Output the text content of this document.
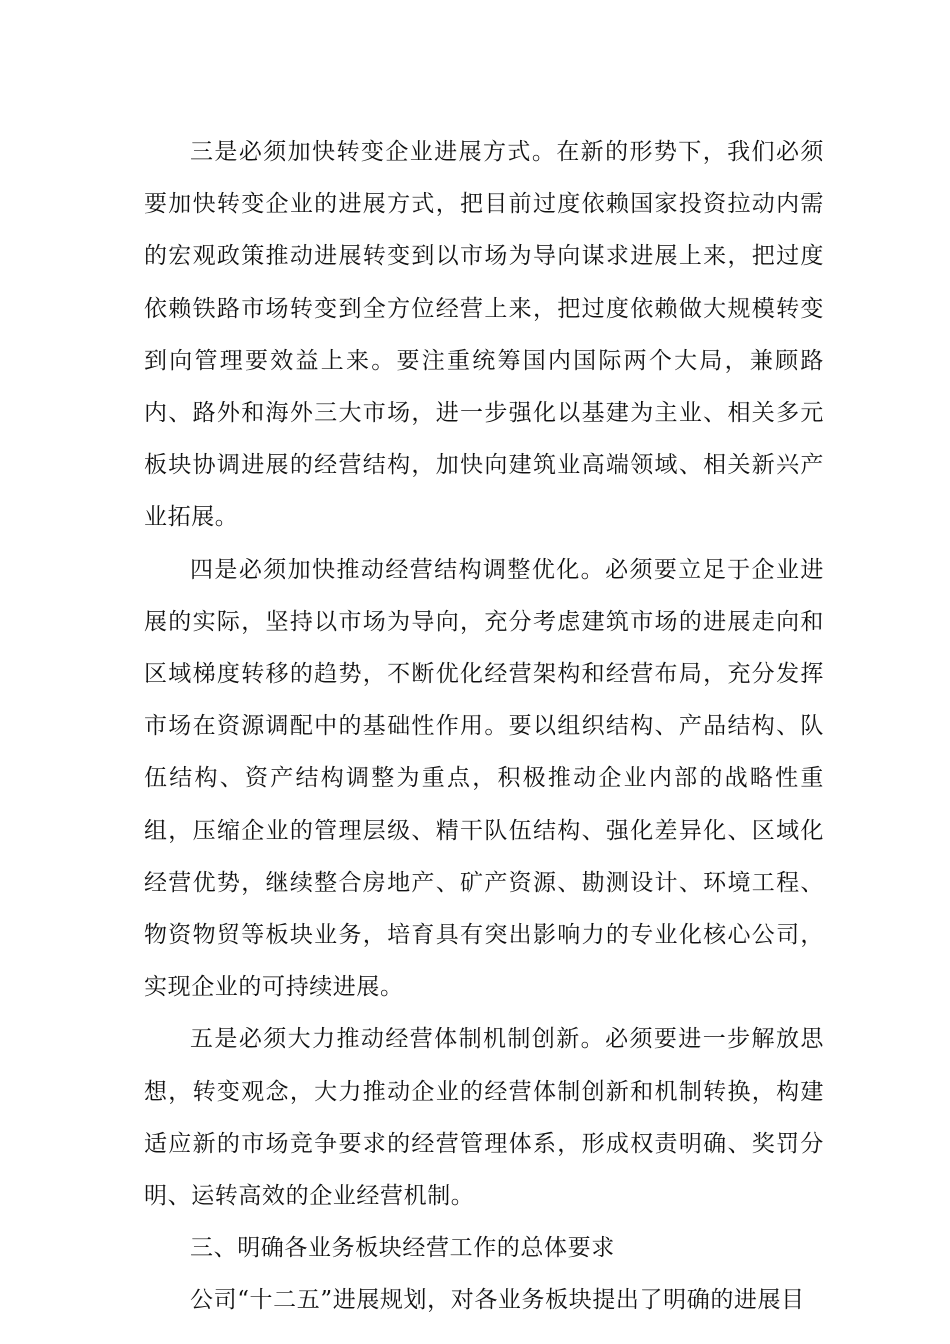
三是必须加快转变企业进展方式。在新的形势下，我们必须要加快转变企业的进展方式，把目前过度依赖国家投资拉动内需的宏观政策推动进展转变到以市场为导向谋求进展上来，把过度依赖铁路市场转变到全方位经营上来，把过度依赖做大规模转变到向管理要效益上来。要注重统筹国内国际两个大局，兼顾路内、路外和海外三大市场，进一步强化以基建为主业、相关多元板块协调进展的经营结构，加快向建筑业高端领域、相关新兴产业拓展。

四是必须加快推动经营结构调整优化。必须要立足于企业进展的实际，坚持以市场为导向，充分考虑建筑市场的进展走向和区域梯度转移的趋势，不断优化经营架构和经营布局，充分发挥市场在资源调配中的基础性作用。要以组织结构、产品结构、队伍结构、资产结构调整为重点，积极推动企业内部的战略性重组，压缩企业的管理层级、精干队伍结构、强化差异化、区域化经营优势，继续整合房地产、矿产资源、勘测设计、环境工程、物资物贸等板块业务，培育具有突出影响力的专业化核心公司，实现企业的可持续进展。

五是必须大力推动经营体制机制创新。必须要进一步解放思想，转变观念，大力推动企业的经营体制创新和机制转换，构建适应新的市场竞争要求的经营管理体系，形成权责明确、奖罚分明、运转高效的企业经营机制。

三、明确各业务板块经营工作的总体要求

公司“十二五”进展规划，对各业务板块提出了明确的进展目
